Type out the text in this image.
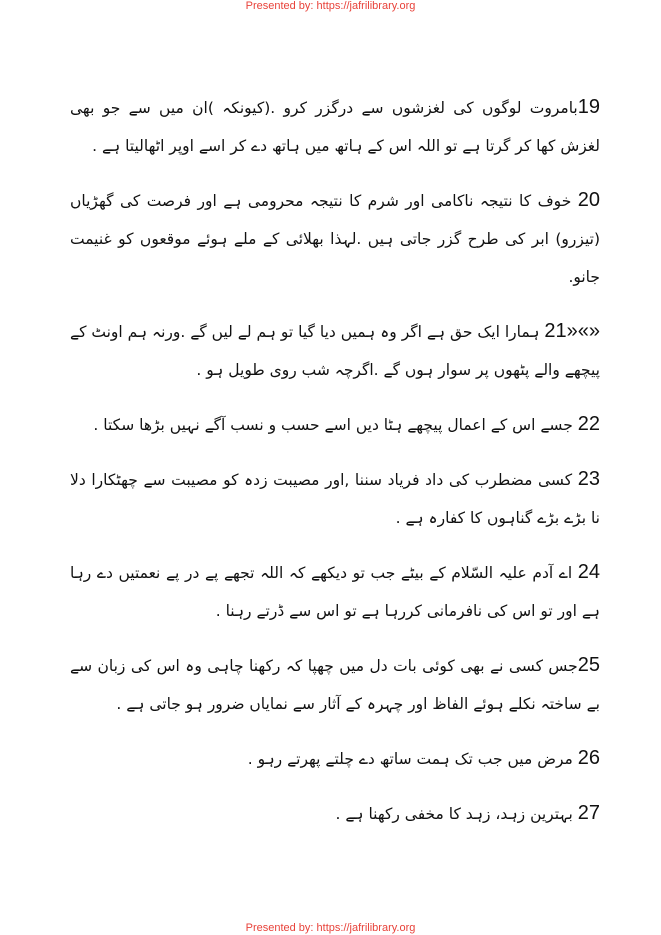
Presented by: https://jafrilibrary.org

19بامروت لوگوں کی لغزشوں سے درگزر کرو .(کیونکہ )ان میں سے جو بھی لغزش کھا کر گرتا ہے تو اللہ اس کے ہاتھ میں ہاتھ دے کر اسے اوپر اٹھالیتا ہے .

20 خوف کا نتیجہ ناکامی اور شرم کا نتیجہ محرومی ہے اور فرصت کی گھڑیاں (تیزرو) ابر کی طرح گزر جاتی ہیں .لہذا بھلائی کے ملے ہوئے موقعوں کو غنیمت جانو.

«»«21 ہمارا ایک حق ہے اگر وہ ہمیں دیا گیا تو ہم لے لیں گے .ورنہ ہم اونٹ کے پیچھے والے پٹھوں پر سوار ہوں گے .اگرچہ شب روی طویل ہو .

22 جسے اس کے اعمال پیچھے ہٹا دیں اسے حسب و نسب آگے نہیں بڑھا سکتا .

23 کسی مضطرب کی داد فریاد سننا ,اور مصیبت زدہ کو مصیبت سے چھٹکارا دلا نا بڑے بڑے گناہوں کا کفارہ ہے .

24 اے آدم علیہ السّلام کے بیٹے جب تو دیکھے کہ اللہ تجھے پے در پے نعمتیں دے رہا ہے اور تو اس کی نافرمانی کررہا ہے تو اس سے ڈرتے رہنا .

25جس کسی نے بھی کوئی بات دل میں چھپا کہ رکھنا چاہی وہ اس کی زبان سے بے ساختہ نکلے ہوئے الفاظ اور چہرہ کے آثار سے نمایاں ضرور ہو جاتی ہے .

26 مرض میں جب تک ہمت ساتھ دے چلتے پھرتے رہو .

27 بہترین زہد، زہد کا مخفی رکھنا ہے .

Presented by: https://jafrilibrary.org
